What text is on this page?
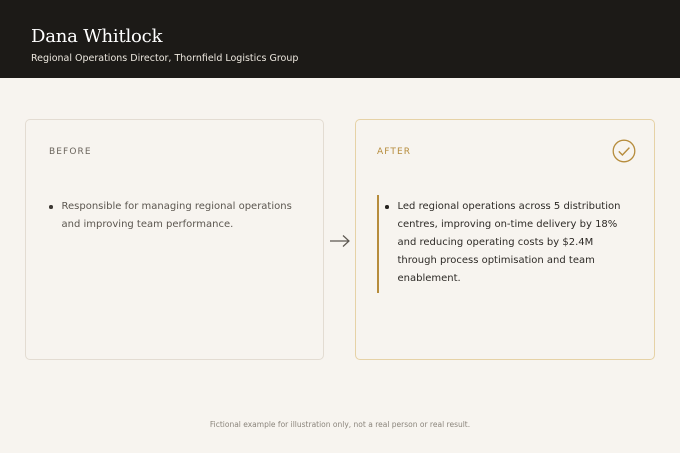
Dana Whitlock
Regional Operations Director, Thornfield Logistics Group
BEFORE
Responsible for managing regional operations and improving team performance.
AFTER
Led regional operations across 5 distribution centres, improving on-time delivery by 18% and reducing operating costs by $2.4M through process optimisation and team enablement.
Fictional example for illustration only, not a real person or real result.
